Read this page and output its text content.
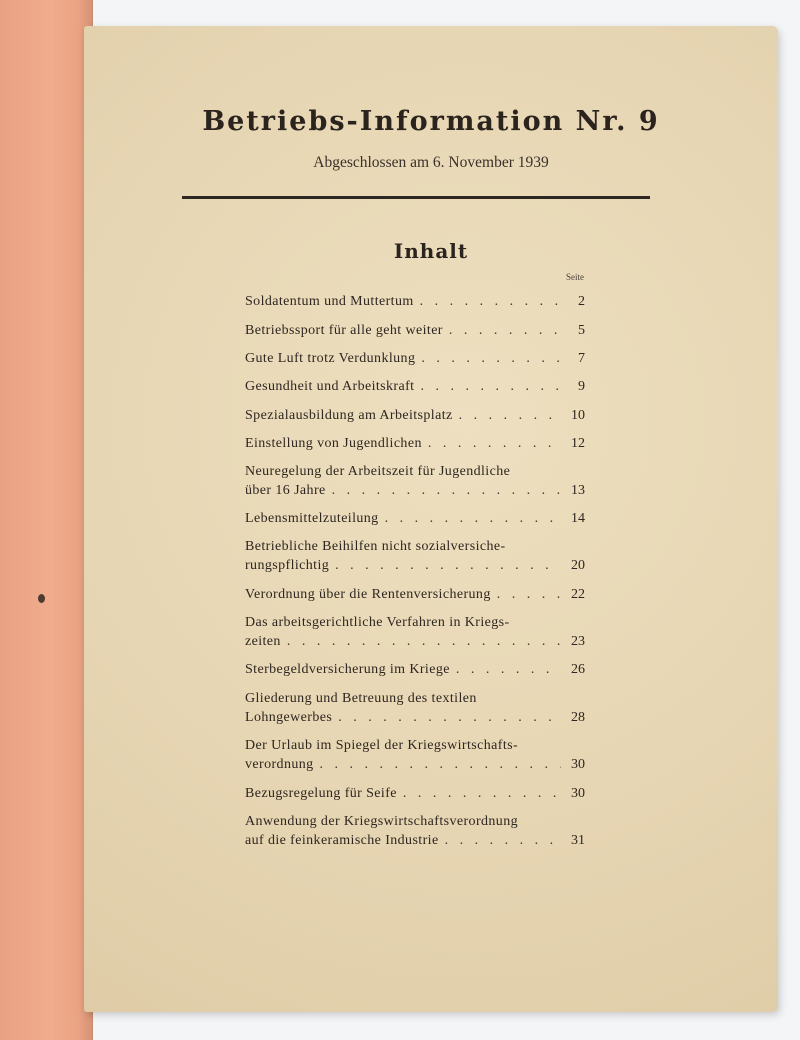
Betriebs-Information Nr. 9
Abgeschlossen am 6. November 1939
Inhalt
Seite
Soldatentum und Muttertum . . .	2
Betriebssport für alle geht weiter . . .	5
Gute Luft trotz Verdunklung . . .	7
Gesundheit und Arbeitskraft . . .	9
Spezialausbildung am Arbeitsplatz . . .	10
Einstellung von Jugendlichen . . .	12
Neuregelung der Arbeitszeit für Jugendliche
über 16 Jahre . . .	13
Lebensmittelzuteilung . . .	14
Betriebliche Beihilfen nicht sozialversiche-
rungspflichtig . . .	20
Verordnung über die Rentenversicherung . . .	22
Das arbeitsgerichtliche Verfahren in Kriegs-
zeiten . . .	23
Sterbegeldversicherung im Kriege . . .	26
Gliederung und Betreuung des textilen
Lohngewerbes . . .	28
Der Urlaub im Spiegel der Kriegswirtschafts-
verordnung . . .	30
Bezugsregelung für Seife . . .	30
Anwendung der Kriegswirtschaftsverordnung
auf die feinkeramische Industrie . . .	31
